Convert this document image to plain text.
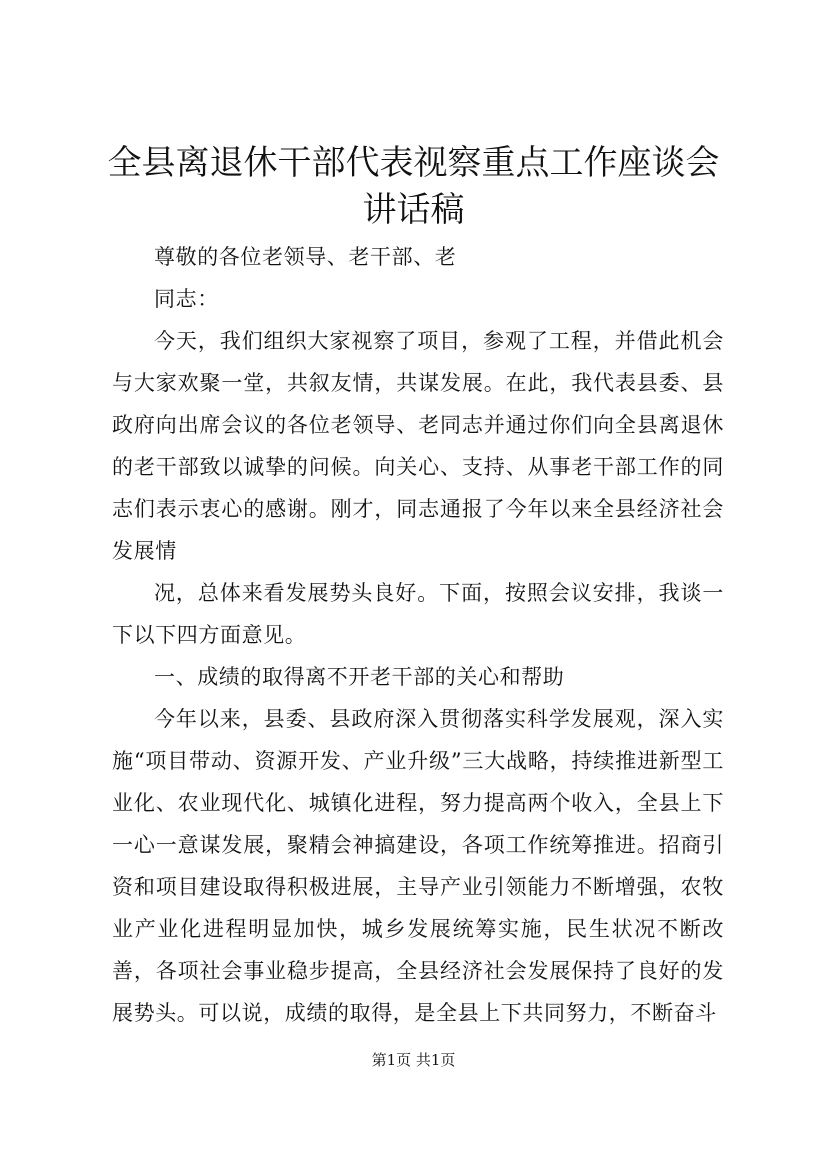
全县离退休干部代表视察重点工作座谈会讲话稿

尊敬的各位老领导、老干部、老

同志：

今天，我们组织大家视察了项目，参观了工程，并借此机会与大家欢聚一堂，共叙友情，共谋发展。在此，我代表县委、县政府向出席会议的各位老领导、老同志并通过你们向全县离退休的老干部致以诚挚的问候。向关心、支持、从事老干部工作的同志们表示衷心的感谢。刚才，同志通报了今年以来全县经济社会发展情

况，总体来看发展势头良好。下面，按照会议安排，我谈一下以下四方面意见。

一、成绩的取得离不开老干部的关心和帮助

今年以来，县委、县政府深入贯彻落实科学发展观，深入实施“项目带动、资源开发、产业升级”三大战略，持续推进新型工业化、农业现代化、城镇化进程，努力提高两个收入，全县上下一心一意谋发展，聚精会神搞建设，各项工作统筹推进。招商引资和项目建设取得积极进展，主导产业引领能力不断增强，农牧业产业化进程明显加快，城乡发展统筹实施，民生状况不断改善，各项社会事业稳步提高，全县经济社会发展保持了良好的发展势头。可以说，成绩的取得，是全县上下共同努力，不断奋斗

第1页 共1页
